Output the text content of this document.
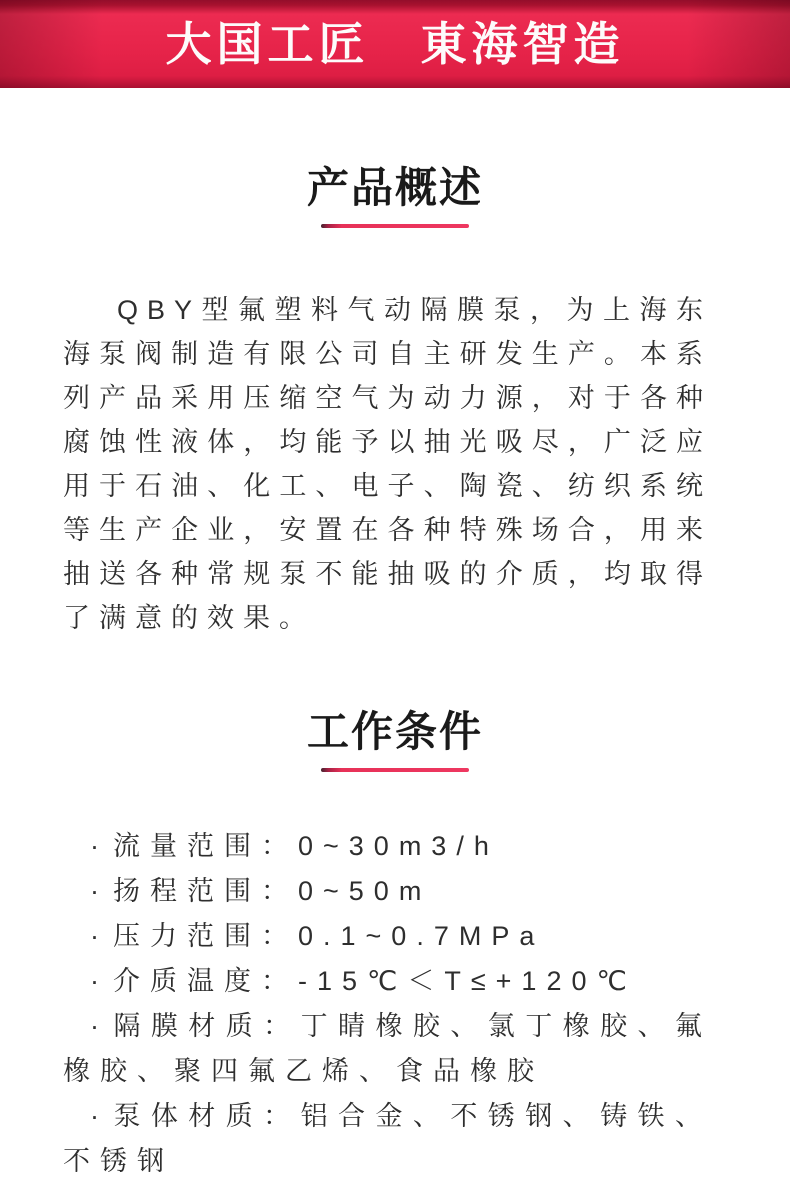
大国工匠　東海智造
产品概述

QBY型氟塑料气动隔膜泵，为上海东海泵阀制造有限公司自主研发生产。本系列产品采用压缩空气为动力源，对于各种腐蚀性液体，均能予以抽光吸尽，广泛应用于石油、化工、电子、陶瓷、纺织系统等生产企业，安置在各种特殊场合，用来抽送各种常规泵不能抽吸的介质，均取得了满意的效果。

工作条件
· 流量范围：0~30m3/h
· 扬程范围：0~50m
· 压力范围：0.1~0.7MPa
· 介质温度：-15℃＜T≤+120℃
· 隔膜材质：丁睛橡胶、氯丁橡胶、氟橡胶、聚四氟乙烯、食品橡胶
· 泵体材质：铝合金、不锈钢、铸铁、不锈钢
